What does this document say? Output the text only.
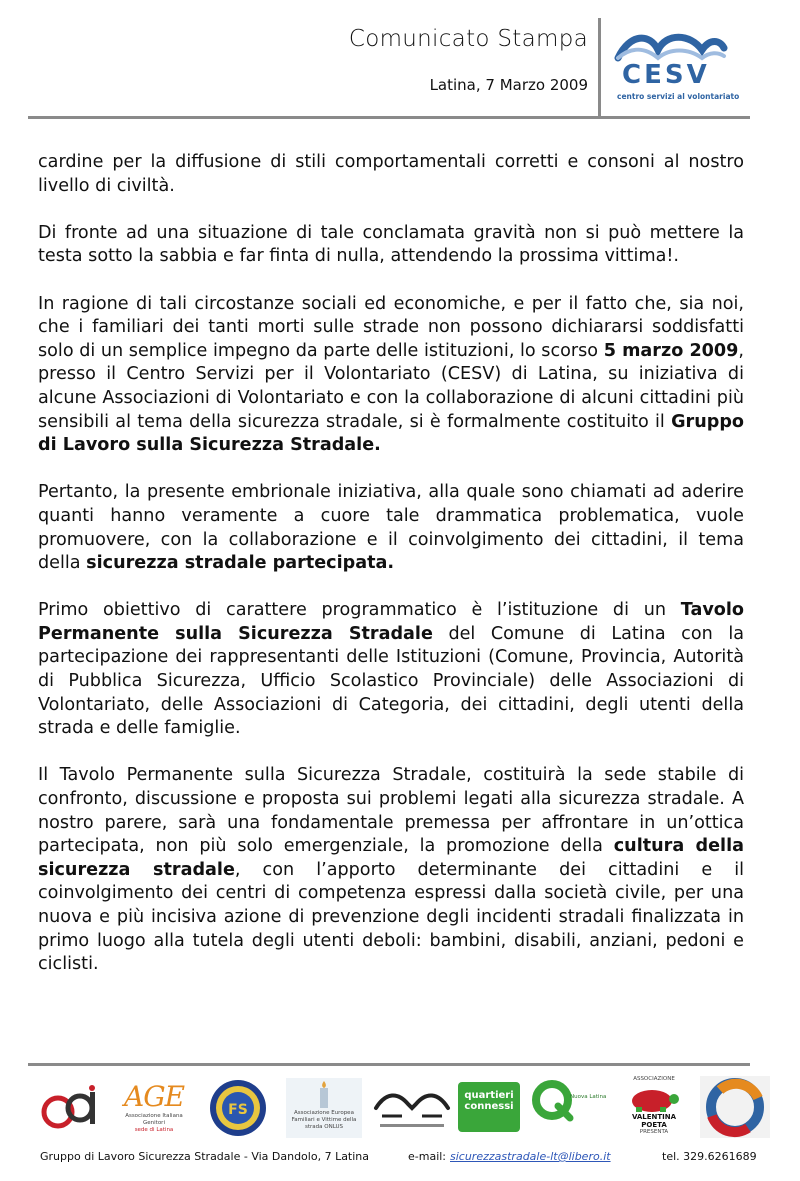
Comunicato Stampa
Latina, 7 Marzo 2009 CESV
centro servizi al volontariato

cardine per la diffusione di stili comportamentali corretti e consoni al nostro livello di civiltà.

Di fronte ad una situazione di tale conclamata gravità non si può mettere la testa sotto la sabbia e far finta di nulla, attendendo la prossima vittima!.

In ragione di tali circostanze sociali ed economiche, e per il fatto che, sia noi, che i familiari dei tanti morti sulle strade non possono dichiararsi soddisfatti solo di un semplice impegno da parte delle istituzioni, lo scorso 5 marzo 2009, presso il Centro Servizi per il Volontariato (CESV) di Latina, su iniziativa di alcune Associazioni di Volontariato e con la collaborazione di alcuni cittadini più sensibili al tema della sicurezza stradale, si è formalmente costituito il Gruppo di Lavoro sulla Sicurezza Stradale.

Pertanto, la presente embrionale iniziativa, alla quale sono chiamati ad aderire quanti hanno veramente a cuore tale drammatica problematica, vuole promuovere, con la collaborazione e il coinvolgimento dei cittadini, il tema della sicurezza stradale partecipata.

Primo obiettivo di carattere programmatico è l’istituzione di un Tavolo Permanente sulla Sicurezza Stradale del Comune di Latina con la partecipazione dei rappresentanti delle Istituzioni (Comune, Provincia, Autorità di Pubblica Sicurezza, Ufficio Scolastico Provinciale) delle Associazioni di Volontariato, delle Associazioni di Categoria, dei cittadini, degli utenti della strada e delle famiglie.

Il Tavolo Permanente sulla Sicurezza Stradale, costituirà la sede stabile di confronto, discussione e proposta sui problemi legati alla sicurezza stradale. A nostro parere, sarà una fondamentale premessa per affrontare in un’ottica partecipata, non più solo emergenziale, la promozione della cultura della sicurezza stradale, con l’apporto determinante dei cittadini e il coinvolgimento dei centri di competenza espressi dalla società civile, per una nuova e più incisiva azione di prevenzione degli incidenti stradali finalizzata in primo luogo alla tutela degli utenti deboli: bambini, disabili, anziani, pedoni e ciclisti.

AGE
Associazione Italiana Genitori
sede di Latina
FS	Associazione Europea Familiari e Vittime della strada ONLUS
quartieri
connessi
Nuova Latina
ASSOCIAZIONE
VALENTINA POETA
PRESENTA
Gruppo di Lavoro Sicurezza Stradale - Via Dandolo, 7 Latina	e-mail: sicurezzastradale-lt@libero.it	tel. 329.6261689
